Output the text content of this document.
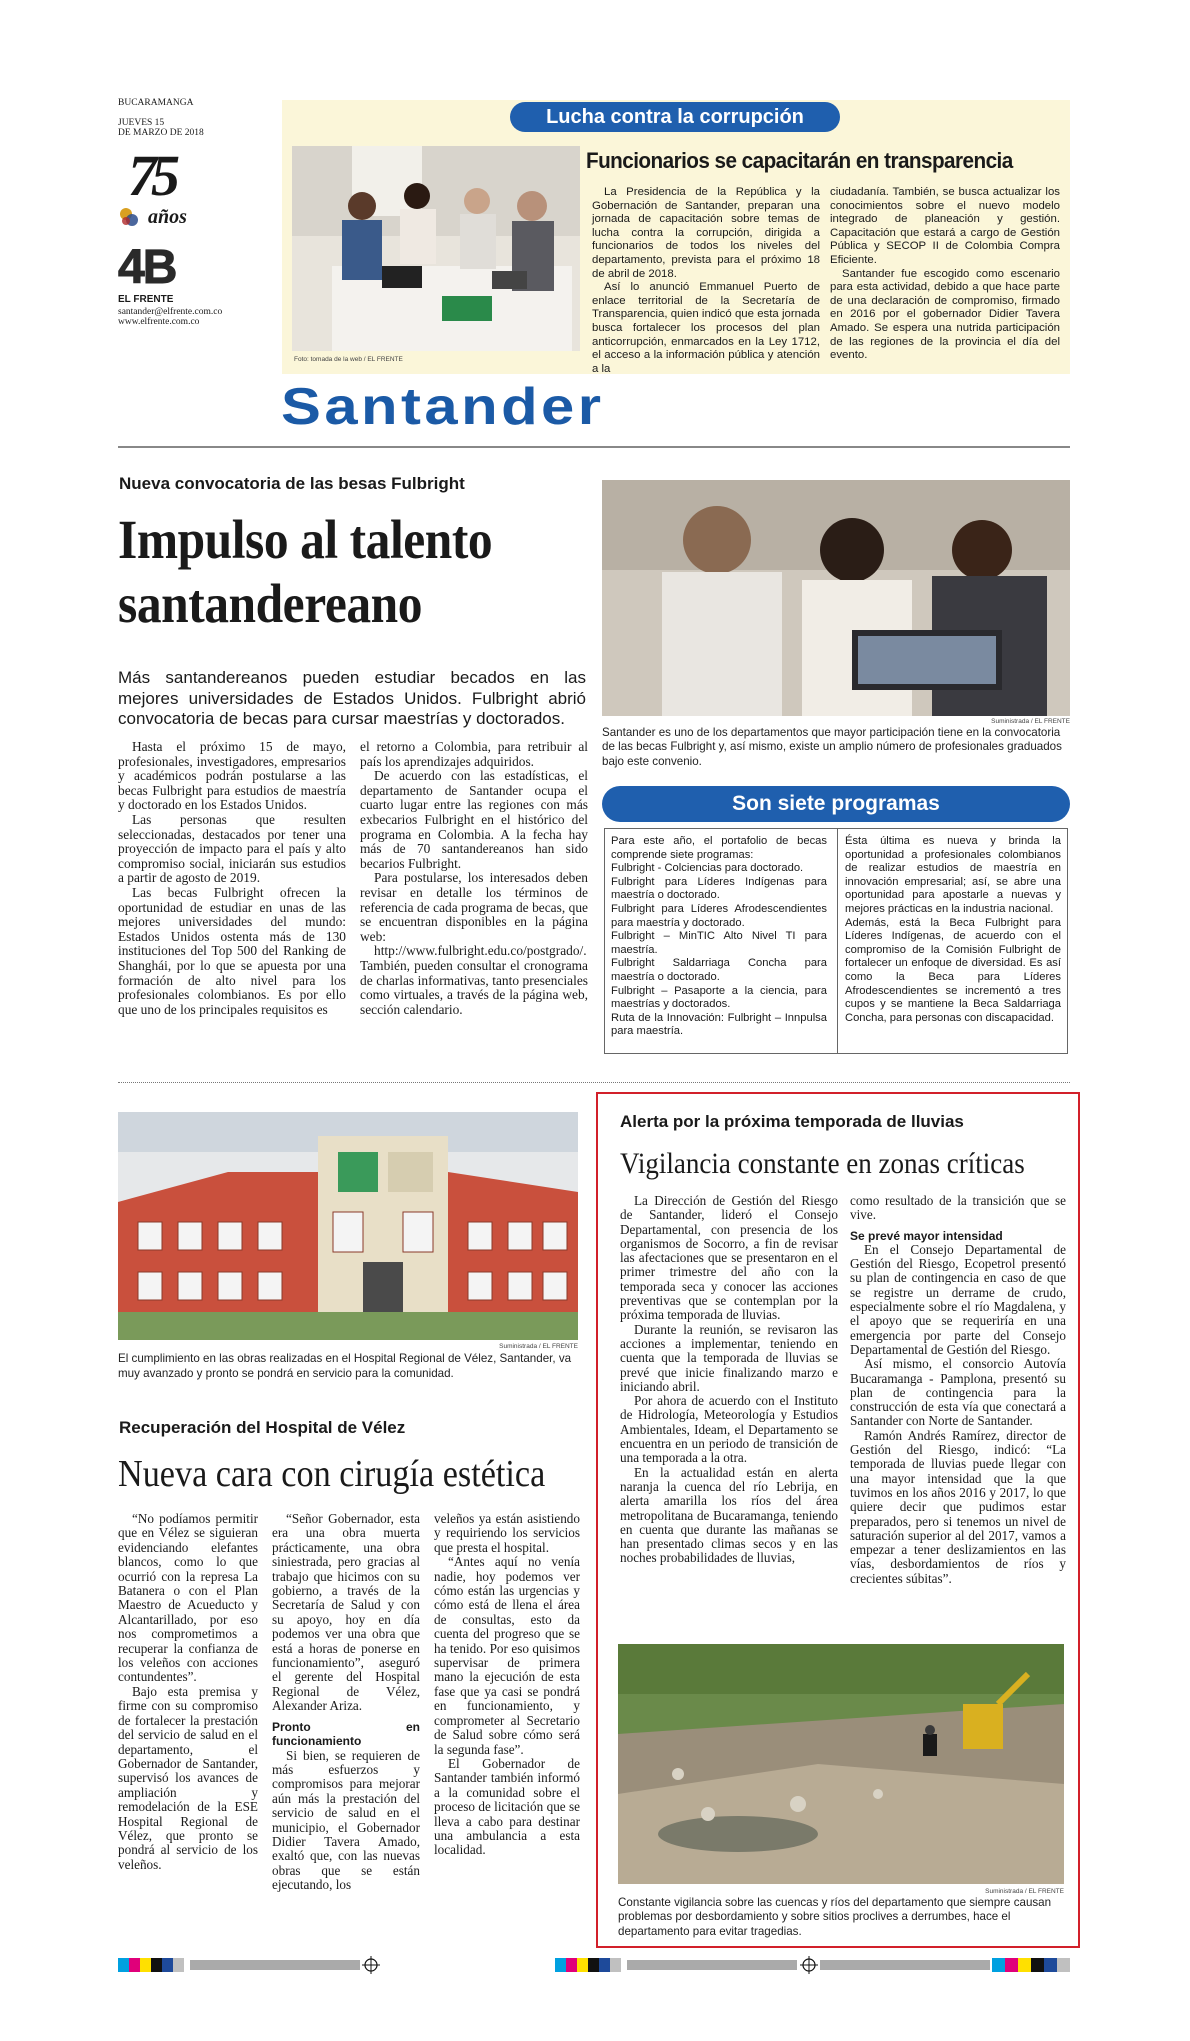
BUCARAMANGA
JUEVES 15
DE MARZO DE 2018
75
años
4B
EL FRENTE
santander@elfrente.com.co
www.elfrente.com.co
Lucha contra la corrupción
Foto: tomada de la web / EL FRENTE
Funcionarios se capacitarán en transparencia

La Presidencia de la República y la Gobernación de Santander, preparan una jornada de capacitación sobre temas de lucha contra la corrupción, dirigida a funcionarios de todos los niveles del departamento, prevista para el próximo 18 de abril de 2018.

Así lo anunció Emmanuel Puerto de enlace territorial de la Secretaría de Transparencia, quien indicó que esta jornada busca fortalecer los procesos del plan anticorrupción, enmarcados en la Ley 1712, el acceso a la información pública y atención a la

ciudadanía. También, se busca actualizar los conocimientos sobre el nuevo modelo integrado de planeación y gestión. Capacitación que estará a cargo de Gestión Pública y SECOP II de Colombia Compra Eficiente.

Santander fue escogido como escenario para esta actividad, debido a que hace parte de una declaración de compromiso, firmado en 2016 por el gobernador Didier Tavera Amado. Se espera una nutrida participación de las regiones de la provincia el día del evento.

Santander
Nueva convocatoria de las besas Fulbright
Impulso al talento santandereano
Más santandereanos pueden estudiar becados en las mejores universidades de Estados Unidos. Fulbright abrió convocatoria de becas para cursar maestrías y doctorados.

Hasta el próximo 15 de mayo, profesionales, investigadores, empresarios y académicos podrán postularse a las becas Fulbright para estudios de maestría y doctorado en los Estados Unidos.

Las personas que resulten seleccionadas, destacados por tener una proyección de impacto para el país y alto compromiso social, iniciarán sus estudios a partir de agosto de 2019.

Las becas Fulbright ofrecen la oportunidad de estudiar en unas de las mejores universidades del mundo: Estados Unidos ostenta más de 130 instituciones del Top 500 del Ranking de Shanghái, por lo que se apuesta por una formación de alto nivel para los profesionales colombianos. Es por ello que uno de los principales requisitos es

el retorno a Colombia, para retribuir al país los aprendizajes adquiridos.

De acuerdo con las estadísticas, el departamento de Santander ocupa el cuarto lugar entre las regiones con más exbecarios Fulbright en el histórico del programa en Colombia. A la fecha hay más de 70 santandereanos han sido becarios Fulbright.

Para postularse, los interesados deben revisar en detalle los términos de referencia de cada programa de becas, que se encuentran disponibles en la página web:

http://www.fulbright.edu.co/postgrado/. También, pueden consultar el cronograma de charlas informativas, tanto presenciales como virtuales, a través de la página web, sección calendario.

Suministrada / EL FRENTE
Santander es uno de los departamentos que mayor participación tiene en la convocatoria de las becas Fulbright y, así mismo, existe un amplio número de profesionales graduados bajo este convenio.
Son siete programas
Para este año, el portafolio de becas comprende siete programas:
Fulbright - Colciencias para doctorado.
Fulbright para Líderes Indígenas para maestría o doctorado.
Fulbright para Líderes Afrodescendientes para maestría y doctorado.
Fulbright – MinTIC Alto Nivel TI para maestría.
Fulbright Saldarriaga Concha para maestría o doctorado.
Fulbright – Pasaporte a la ciencia, para maestrías y doctorados.
Ruta de la Innovación: Fulbright – Innpulsa para maestría.
Ésta última es nueva y brinda la oportunidad a profesionales colombianos de realizar estudios de maestría en innovación empresarial; así, se abre una oportunidad para apostarle a nuevas y mejores prácticas en la industria nacional.
Además, está la Beca Fulbright para Líderes Indígenas, de acuerdo con el compromiso de la Comisión Fulbright de fortalecer un enfoque de diversidad. Es así como la Beca para Líderes Afrodescendientes se incrementó a tres cupos y se mantiene la Beca Saldarriaga Concha, para personas con discapacidad.
Suministrada / EL FRENTE
El cumplimiento en las obras realizadas en el Hospital Regional de Vélez, Santander, va muy avanzado y pronto se pondrá en servicio para la comunidad.
Recuperación del Hospital de Vélez
Nueva cara con cirugía estética

“No podíamos permitir que en Vélez se siguieran evidenciando elefantes blancos, como lo que ocurrió con la represa La Batanera o con el Plan Maestro de Acueducto y Alcantarillado, por eso nos comprometimos a recuperar la confianza de los veleños con acciones contundentes”.

Bajo esta premisa y firme con su compromiso de fortalecer la prestación del servicio de salud en el departamento, el Gobernador de Santander, supervisó los avances de ampliación y remodelación de la ESE Hospital Regional de Vélez, que pronto se pondrá al servicio de los veleños.

“Señor Gobernador, esta era una obra muerta prácticamente, una obra siniestrada, pero gracias al trabajo que hicimos con su gobierno, a través de la Secretaría de Salud y con su apoyo, hoy en día podemos ver una obra que está a horas de ponerse en funcionamiento”, aseguró el gerente del Hospital Regional de Vélez, Alexander Ariza.

Pronto en funcionamiento

Si bien, se requieren de más esfuerzos y compromisos para mejorar aún más la prestación del servicio de salud en el municipio, el Gobernador Didier Tavera Amado, exaltó que, con las nuevas obras que se están ejecutando, los

veleños ya están asistiendo y requiriendo los servicios que presta el hospital.

“Antes aquí no venía nadie, hoy podemos ver cómo están las urgencias y cómo está de llena el área de consultas, esto da cuenta del progreso que se ha tenido. Por eso quisimos supervisar de primera mano la ejecución de esta fase que ya casi se pondrá en funcionamiento, y comprometer al Secretario de Salud sobre cómo será la segunda fase”.

El Gobernador de Santander también informó a la comunidad sobre el proceso de licitación que se lleva a cabo para destinar una ambulancia a esta localidad.

Alerta por la próxima temporada de lluvias
Vigilancia constante en zonas críticas

La Dirección de Gestión del Riesgo de Santander, lideró el Consejo Departamental, con presencia de los organismos de Socorro, a fin de revisar las afectaciones que se presentaron en el primer trimestre del año con la temporada seca y conocer las acciones preventivas que se contemplan por la próxima temporada de lluvias.

Durante la reunión, se revisaron las acciones a implementar, teniendo en cuenta que la temporada de lluvias se prevé que inicie finalizando marzo e iniciando abril.

Por ahora de acuerdo con el Instituto de Hidrología, Meteorología y Estudios Ambientales, Ideam, el Departamento se encuentra en un periodo de transición de una temporada a la otra.

En la actualidad están en alerta naranja la cuenca del río Lebrija, en alerta amarilla los ríos del área metropolitana de Bucaramanga, teniendo en cuenta que durante las mañanas se han presentado climas secos y en las noches probabilidades de lluvias,

como resultado de la transición que se vive.

Se prevé mayor intensidad

En el Consejo Departamental de Gestión del Riesgo, Ecopetrol presentó su plan de contingencia en caso de que se registre un derrame de crudo, especialmente sobre el río Magdalena, y el apoyo que se requeriría en una emergencia por parte del Consejo Departamental de Gestión del Riesgo.

Así mismo, el consorcio Autovía Bucaramanga - Pamplona, presentó su plan de contingencia para la construcción de esta vía que conectará a Santander con Norte de Santander.

Ramón Andrés Ramírez, director de Gestión del Riesgo, indicó: “La temporada de lluvias puede llegar con una mayor intensidad que la que tuvimos en los años 2016 y 2017, lo que quiere decir que pudimos estar preparados, pero si tenemos un nivel de saturación superior al del 2017, vamos a empezar a tener deslizamientos en las vías, desbordamientos de ríos y crecientes súbitas”.

Suministrada / EL FRENTE
Constante vigilancia sobre las cuencas y ríos del departamento que siempre causan problemas por desbordamiento y sobre sitios proclives a derrumbes, hace el departamento para evitar tragedias.
